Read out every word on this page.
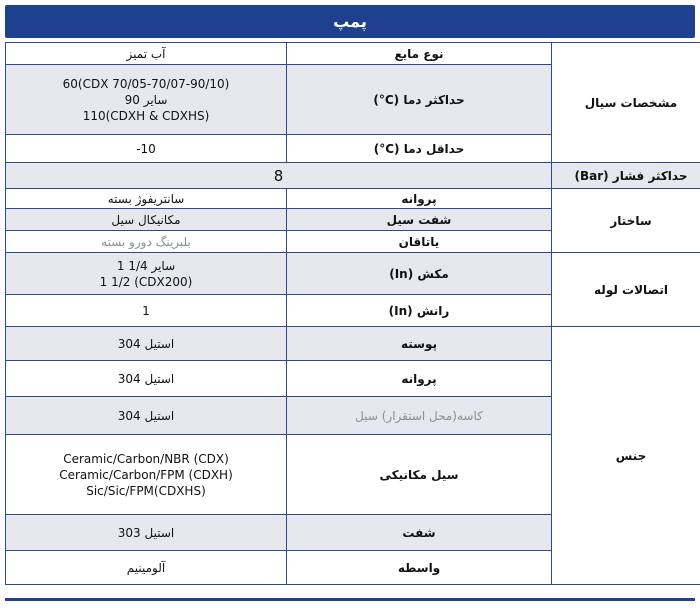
پمپ
آب تمیز	نوع مایع	مشخصات سیال

60(CDX 70/05-70/07-90/10)
سایر 90
110(CDXH & CDXHS)	حداکثر دما (C°)	

-10	حداقل دما (C°)	
8		حداکثر فشار (Bar)
سانتریفوژ بسته	پروانه	ساختار
مکانیکال سیل	شفت سیل	
بلبرینگ دورو بسته	یاتاقان	

سایر 1/4 1
1 1/2 (CDX200)	مکش (In)	اتصالات لوله
1	رانش (In)	
استیل 304	پوسته	جنس
استیل 304	پروانه	
استیل 304	کاسه(محل استقرار) سیل	

Ceramic/Carbon/NBR (CDX)
Ceramic/Carbon/FPM (CDXH)
Sic/Sic/FPM(CDXHS)	سیل مکانیکی	
استیل 303	شفت	
آلومینیم	واسطه	
